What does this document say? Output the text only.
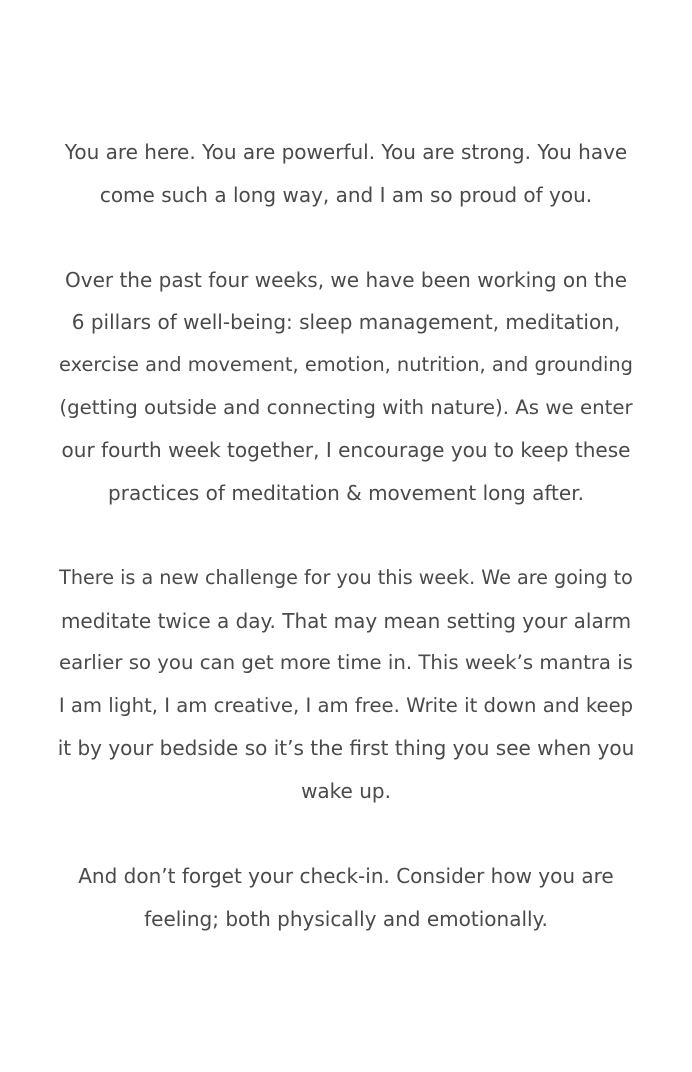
You are here. You are powerful. You are strong. You have
come such a long way, and I am so proud of you.

Over the past four weeks, we have been working on the
6 pillars of well-being: sleep management, meditation,
exercise and movement, emotion, nutrition, and grounding
(getting outside and connecting with nature). As we enter
our fourth week together, I encourage you to keep these
practices of meditation & movement long after.

There is a new challenge for you this week. We are going to
meditate twice a day. That may mean setting your alarm
earlier so you can get more time in. This week’s mantra is
I am light, I am creative, I am free. Write it down and keep
it by your bedside so it’s the first thing you see when you
wake up.

And don’t forget your check-in. Consider how you are
feeling; both physically and emotionally.
